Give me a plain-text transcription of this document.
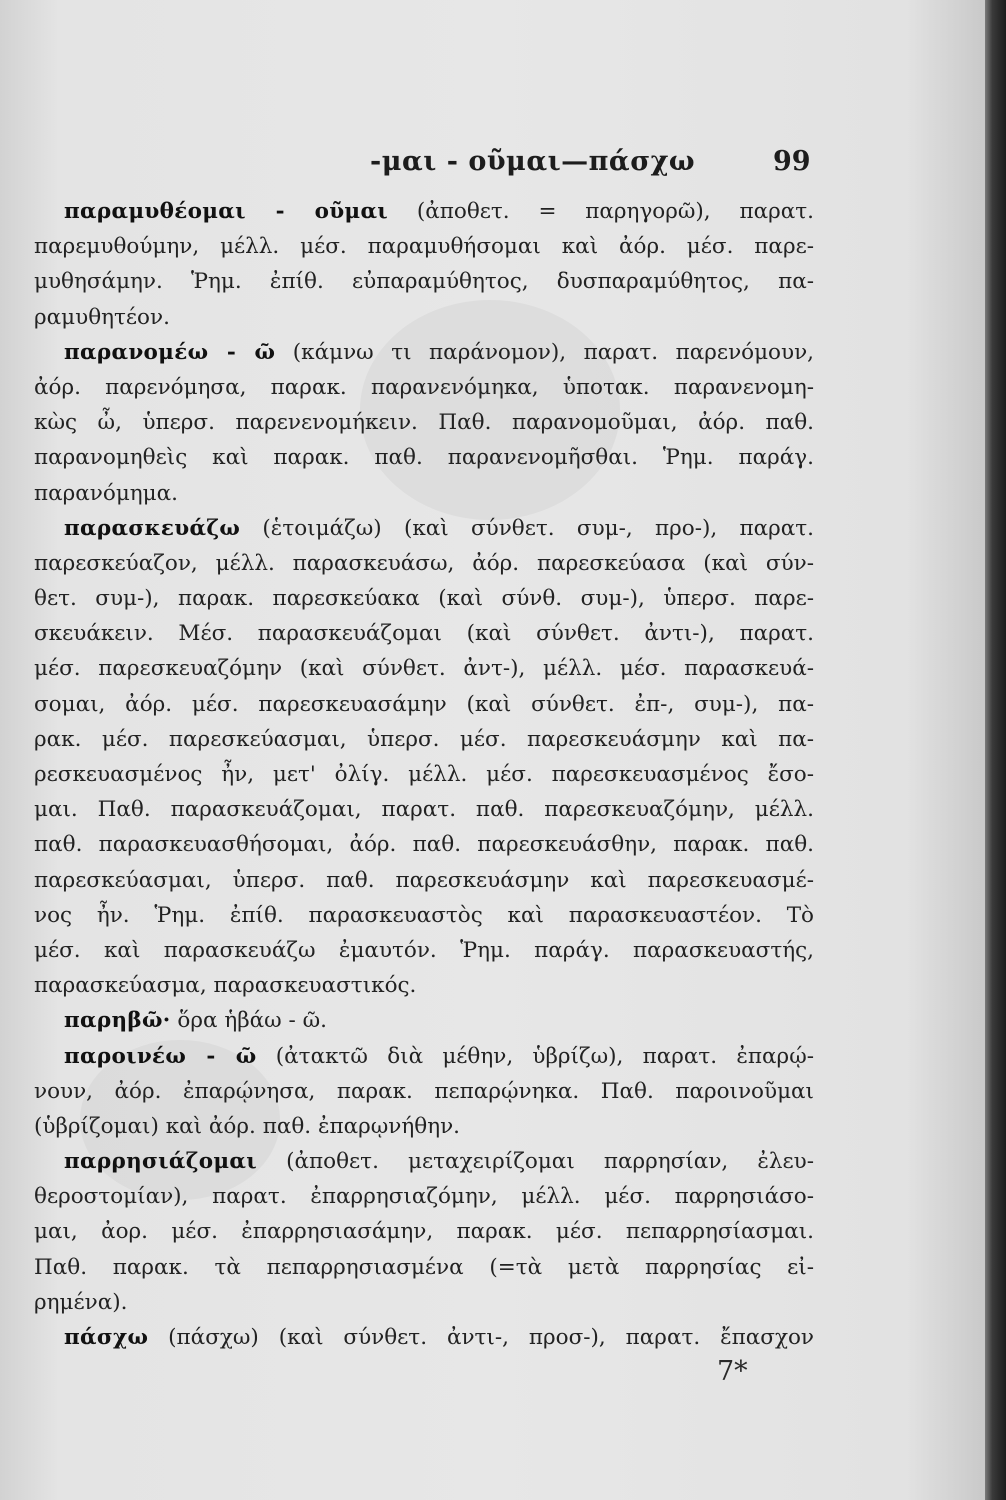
-μαι - οῦμαι—πάσχω	99
παραμυθέομαι - οῦμαι (ἀποθετ. = παρηγορῶ), παρατ.
παρεμυθούμην, μέλλ. μέσ. παραμυθήσομαι καὶ ἀόρ. μέσ. παρε-
μυθησάμην. Ῥημ. ἐπίθ. εὐπαραμύθητος, δυσπαραμύθητος, πα-
ραμυθητέον.
παρανομέω - ῶ (κάμνω τι παράνομον), παρατ. παρενόμουν,
ἀόρ. παρενόμησα, παρακ. παρανενόμηκα, ὑποτακ. παρανενομη-
κὼς ὦ, ὑπερσ. παρενενομήκειν. Παθ. παρανομοῦμαι, ἀόρ. παθ.
παρανομηθεὶς καὶ παρακ. παθ. παρανενομῆσθαι. Ῥημ. παράγ.
παρανόμημα.
παρασκευάζω (ἑτοιμάζω) (καὶ σύνθετ. συμ-, προ-), παρατ.
παρεσκεύαζον, μέλλ. παρασκευάσω, ἀόρ. παρεσκεύασα (καὶ σύν-
θετ. συμ-), παρακ. παρεσκεύακα (καὶ σύνθ. συμ-), ὑπερσ. παρε-
σκευάκειν. Μέσ. παρασκευάζομαι (καὶ σύνθετ. ἀντι-), παρατ.
μέσ. παρεσκευαζόμην (καὶ σύνθετ. ἀντ-), μέλλ. μέσ. παρασκευά-
σομαι, ἀόρ. μέσ. παρεσκευασάμην (καὶ σύνθετ. ἐπ-, συμ-), πα-
ρακ. μέσ. παρεσκεύασμαι, ὑπερσ. μέσ. παρεσκευάσμην καὶ πα-
ρεσκευασμένος ἦν, μετ' ὀλίγ. μέλλ. μέσ. παρεσκευασμένος ἔσο-
μαι. Παθ. παρασκευάζομαι, παρατ. παθ. παρεσκευαζόμην, μέλλ.
παθ. παρασκευασθήσομαι, ἀόρ. παθ. παρεσκευάσθην, παρακ. παθ.
παρεσκεύασμαι, ὑπερσ. παθ. παρεσκευάσμην καὶ παρεσκευασμέ-
νος ἦν. Ῥημ. ἐπίθ. παρασκευαστὸς καὶ παρασκευαστέον. Τὸ
μέσ. καὶ παρασκευάζω ἐμαυτόν. Ῥημ. παράγ. παρασκευαστής,
παρασκεύασμα, παρασκευαστικός.
παρηβῶ· ὅρα ἡβάω - ῶ.
παροινέω - ῶ (ἀτακτῶ διὰ μέθην, ὑβρίζω), παρατ. ἐπαρῴ-
νουν, ἀόρ. ἐπαρῴνησα, παρακ. πεπαρῴνηκα. Παθ. παροινοῦμαι
(ὑβρίζομαι) καὶ ἀόρ. παθ. ἐπαρῳνήθην.
παρρησιάζομαι (ἀποθετ. μεταχειρίζομαι παρρησίαν, ἐλευ-
θεροστομίαν), παρατ. ἐπαρρησιαζόμην, μέλλ. μέσ. παρρησιάσο-
μαι, ἀορ. μέσ. ἐπαρρησιασάμην, παρακ. μέσ. πεπαρρησίασμαι.
Παθ. παρακ. τὰ πεπαρρησιασμένα (=τὰ μετὰ παρρησίας εἰ-
ρημένα).
πάσχω (πάσχω) (καὶ σύνθετ. ἀντι-, προσ-), παρατ. ἔπασχον
7*
